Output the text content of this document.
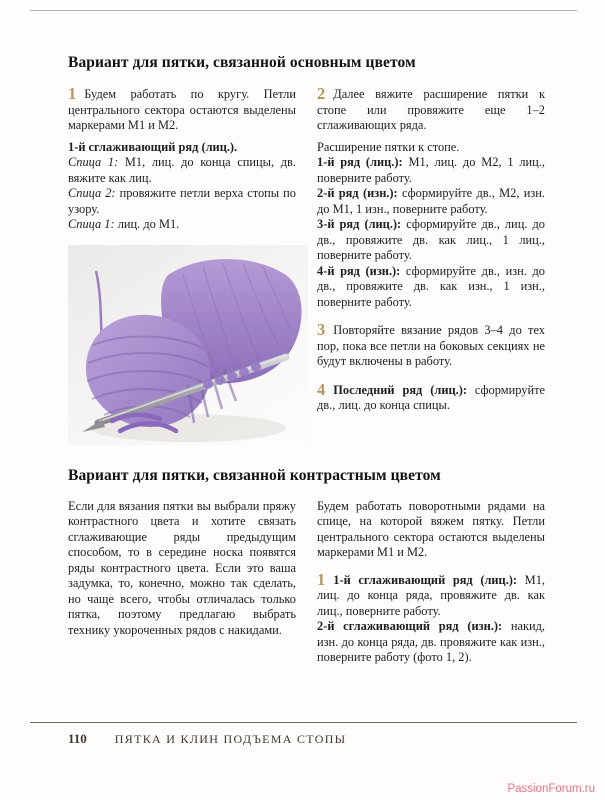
Вариант для пятки, связанной основным цветом

1 Будем работать по кругу. Петли центрального сектора остаются выделены маркерами М1 и М2.

1-й сглаживающий ряд (лиц.).

Спица 1: М1, лиц. до конца спицы, дв. вяжите как лиц.

Спица 2: провяжите петли верха стопы по узору.

Спица 1: лиц. до М1.

2 Далее вяжите расширение пятки к стопе или провяжите еще 1–2 сглаживающих ряда.

Расширение пятки к стопе.

1-й ряд (лиц.): М1, лиц. до М2, 1 лиц., поверните работу.

2-й ряд (изн.): сформируйте дв., М2, изн. до М1, 1 изн., поверните работу.

3-й ряд (лиц.): сформируйте дв., лиц. до дв., провяжите дв. как лиц., 1 лиц., поверните работу.

4-й ряд (изн.): сформируйте дв., изн. до дв., провяжите дв. как изн., 1 изн., поверните работу.

3 Повторяйте вязание рядов 3–4 до тех пор, пока все петли на боковых секциях не будут включены в работу.

4 Последний ряд (лиц.): сформируйте дв., лиц. до конца спицы.

Вариант для пятки, связанной контрастным цветом

Если для вязания пятки вы выбрали пряжу контрастного цвета и хотите связать сглаживающие ряды предыдущим способом, то в середине носка появятся ряды контрастного цвета. Если это ваша задумка, то, конечно, можно так сделать, но чаще всего, чтобы отличалась только пятка, поэтому предлагаю выбрать технику укороченных рядов с накидами.

Будем работать поворотными рядами на спице, на которой вяжем пятку. Петли центрального сектора остаются выделены маркерами М1 и М2.

1 1-й сглаживающий ряд (лиц.): М1, лиц. до конца ряда, провяжите дв. как лиц., поверните работу.

2-й сглаживающий ряд (изн.): накид, изн. до конца ряда, дв. провяжите как изн., поверните работу (фото 1, 2).

110 ПЯТКА И КЛИН ПОДЪЕМА СТОПЫ
PassionForum.ru
